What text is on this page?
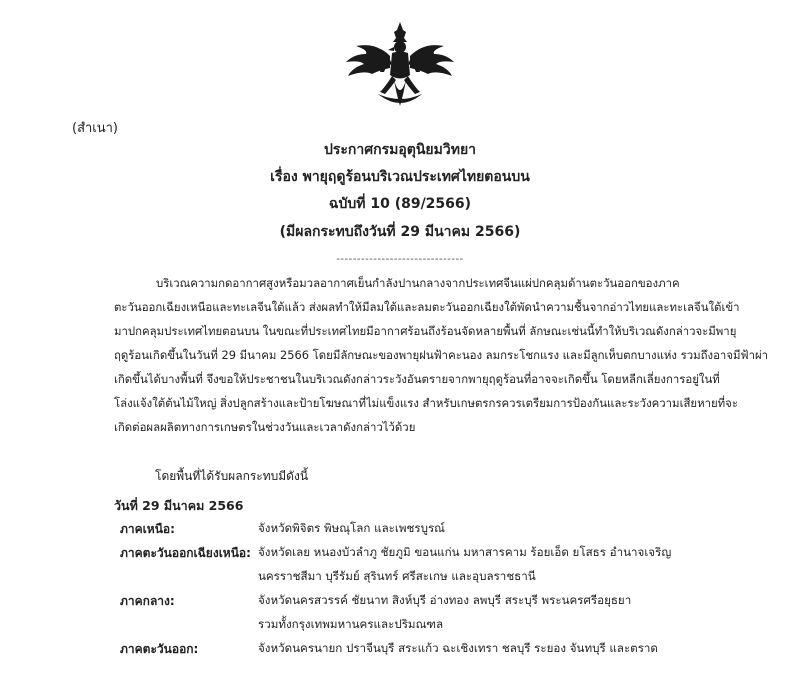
(สำเนา)
ประกาศกรมอุตุนิยมวิทยา
เรื่อง พายุฤดูร้อนบริเวณประเทศไทยตอนบน
ฉบับที่ 10 (89/2566)
(มีผลกระทบถึงวันที่ 29 มีนาคม 2566)
-------------------------------
บริเวณความกดอากาศสูงหรือมวลอากาศเย็นกำลังปานกลางจากประเทศจีนแผ่ปกคลุมด้านตะวันออกของภาค
ตะวันออกเฉียงเหนือและทะเลจีนใต้แล้ว ส่งผลทำให้มีลมใต้และลมตะวันออกเฉียงใต้พัดนำความชื้นจากอ่าวไทยและทะเลจีนใต้เข้า
มาปกคลุมประเทศไทยตอนบน ในขณะที่ประเทศไทยมีอากาศร้อนถึงร้อนจัดหลายพื้นที่ ลักษณะเช่นนี้ทำให้บริเวณดังกล่าวจะมีพายุ
ฤดูร้อนเกิดขึ้นในวันที่ 29 มีนาคม 2566 โดยมีลักษณะของพายุฝนฟ้าคะนอง ลมกระโชกแรง และมีลูกเห็บตกบางแห่ง รวมถึงอาจมีฟ้าผ่า
เกิดขึ้นได้บางพื้นที่ จึงขอให้ประชาชนในบริเวณดังกล่าวระวังอันตรายจากพายุฤดูร้อนที่อาจจะเกิดขึ้น โดยหลีกเลี่ยงการอยู่ในที่
โล่งแจ้งใต้ต้นไม้ใหญ่ สิ่งปลูกสร้างและป้ายโฆษณาที่ไม่แข็งแรง สำหรับเกษตรกรควรเตรียมการป้องกันและระวังความเสียหายที่จะ
เกิดต่อผลผลิตทางการเกษตรในช่วงวันและเวลาดังกล่าวไว้ด้วย
โดยพื้นที่ได้รับผลกระทบมีดังนี้
วันที่ 29 มีนาคม 2566
ภาคเหนือ:	จังหวัดพิจิตร พิษณุโลก และเพชรบูรณ์
ภาคตะวันออกเฉียงเหนือ: จังหวัดเลย หนองบัวลำภู ชัยภูมิ ขอนแก่น มหาสารคาม ร้อยเอ็ด ยโสธร อำนาจเจริญ
นครราชสีมา บุรีรัมย์ สุรินทร์ ศรีสะเกษ และอุบลราชธานี
ภาคกลาง:	จังหวัดนครสวรรค์ ชัยนาท สิงห์บุรี อ่างทอง ลพบุรี สระบุรี พระนครศรีอยุธยา
รวมทั้งกรุงเทพมหานครและปริมณฑล
ภาคตะวันออก:	จังหวัดนครนายก ปราจีนบุรี สระแก้ว ฉะเชิงเทรา ชลบุรี ระยอง จันทบุรี และตราด
